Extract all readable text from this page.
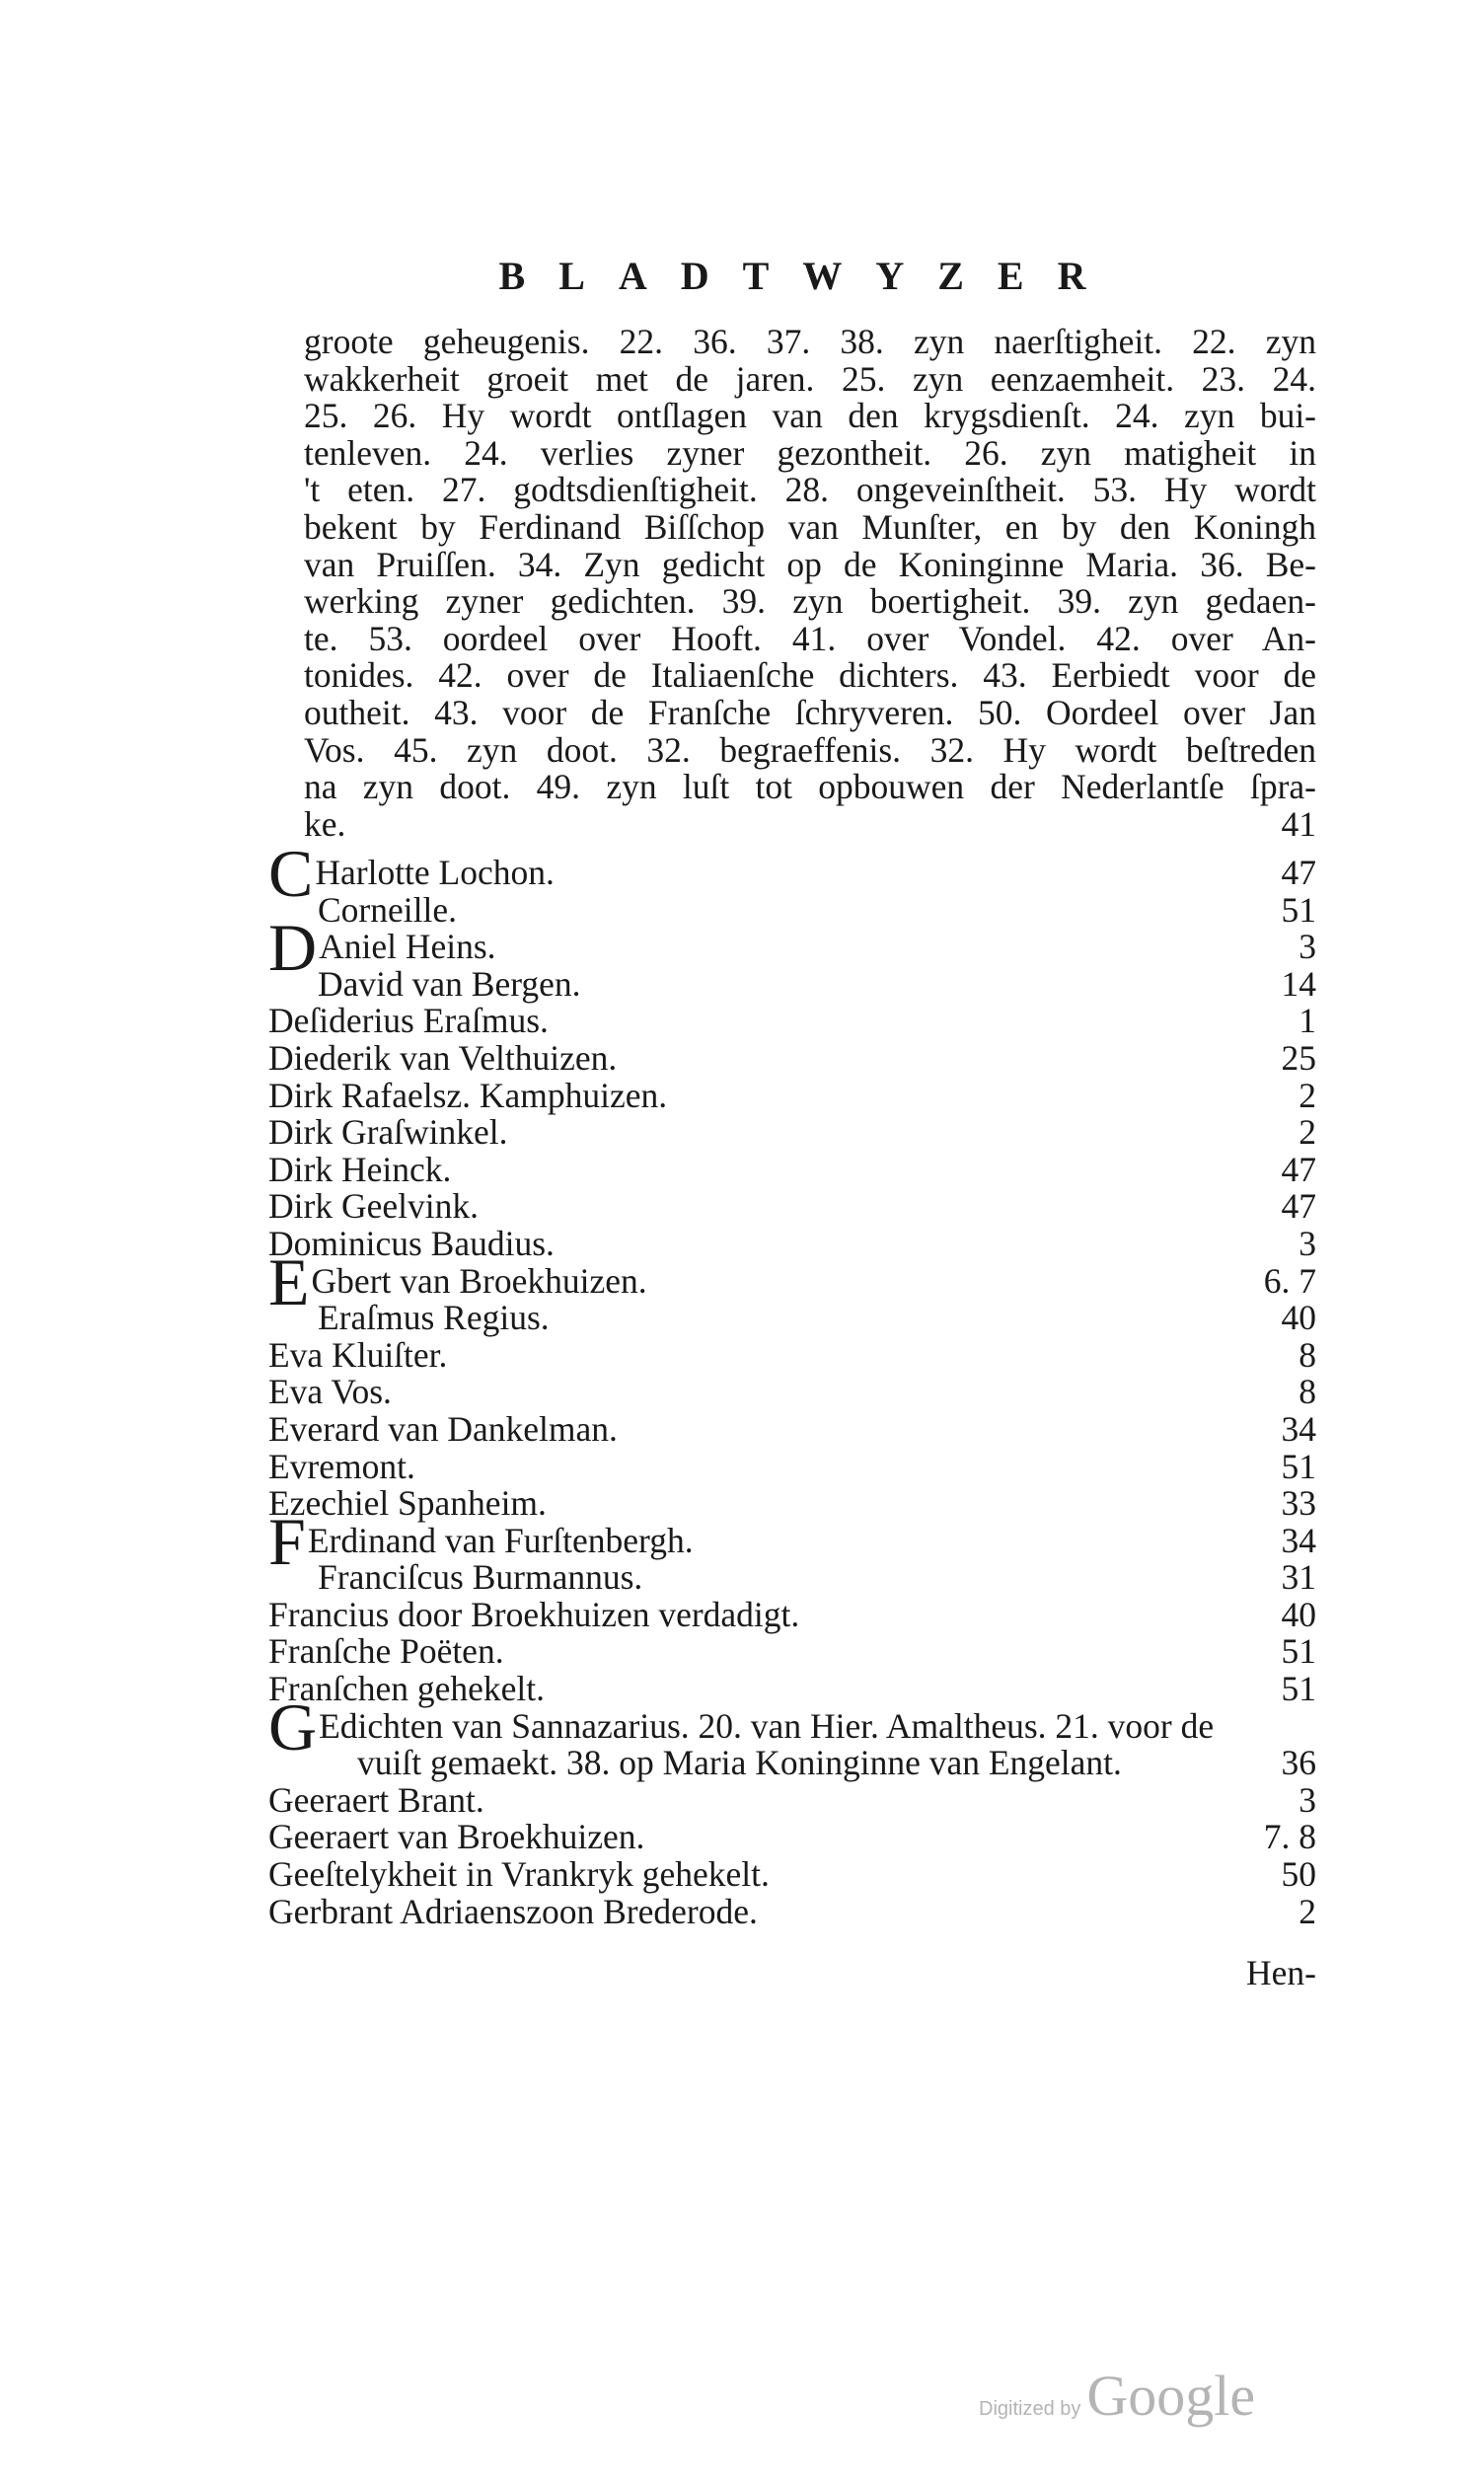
BLADTWYZER
groote geheugenis. 22. 36. 37. 38. zyn naerſtigheit. 22. zyn
wakkerheit groeit met de jaren. 25. zyn eenzaemheit. 23. 24.
25. 26. Hy wordt ontſlagen van den krygsdienſt. 24. zyn bui-
tenleven. 24. verlies zyner gezontheit. 26. zyn matigheit in
't eten. 27. godtsdienſtigheit. 28. ongeveinſtheit. 53. Hy wordt
bekent by Ferdinand Biſſchop van Munſter, en by den Koningh
van Pruiſſen. 34. Zyn gedicht op de Koninginne Maria. 36. Be-
werking zyner gedichten. 39. zyn boertigheit. 39. zyn gedaen-
te. 53. oordeel over Hooft. 41. over Vondel. 42. over An-
tonides. 42. over de Italiaenſche dichters. 43. Eerbiedt voor de
outheit. 43. voor de Franſche ſchryveren. 50. Oordeel over Jan
Vos. 45. zyn doot. 32. begraeffenis. 32. Hy wordt beſtreden
na zyn doot. 49. zyn luſt tot opbouwen der Nederlantſe ſpra-
ke.	41
CHarlotte Lochon.	47
Corneille.	51
DAniel Heins.	3
David van Bergen.	14
Deſiderius Eraſmus.	1
Diederik van Velthuizen.	25
Dirk Rafaelsz. Kamphuizen.	2
Dirk Graſwinkel.	2
Dirk Heinck.	47
Dirk Geelvink.	47
Dominicus Baudius.	3
EGbert van Broekhuizen.	6. 7
Eraſmus Regius.	40
Eva Kluiſter.	8
Eva Vos.	8
Everard van Dankelman.	34
Evremont.	51
Ezechiel Spanheim.	33
FErdinand van Furſtenbergh.	34
Franciſcus Burmannus.	31
Francius door Broekhuizen verdadigt.	40
Franſche Poëten.	51
Franſchen gehekelt.	51
GEdichten van Sannazarius. 20. van Hier. Amaltheus. 21. voor de
vuiſt gemaekt. 38. op Maria Koninginne van Engelant.	36
Geeraert Brant.	3
Geeraert van Broekhuizen.	7. 8
Geeſtelykheit in Vrankryk gehekelt.	50
Gerbrant Adriaenszoon Brederode.	2
Hen-
Digitized by Google
